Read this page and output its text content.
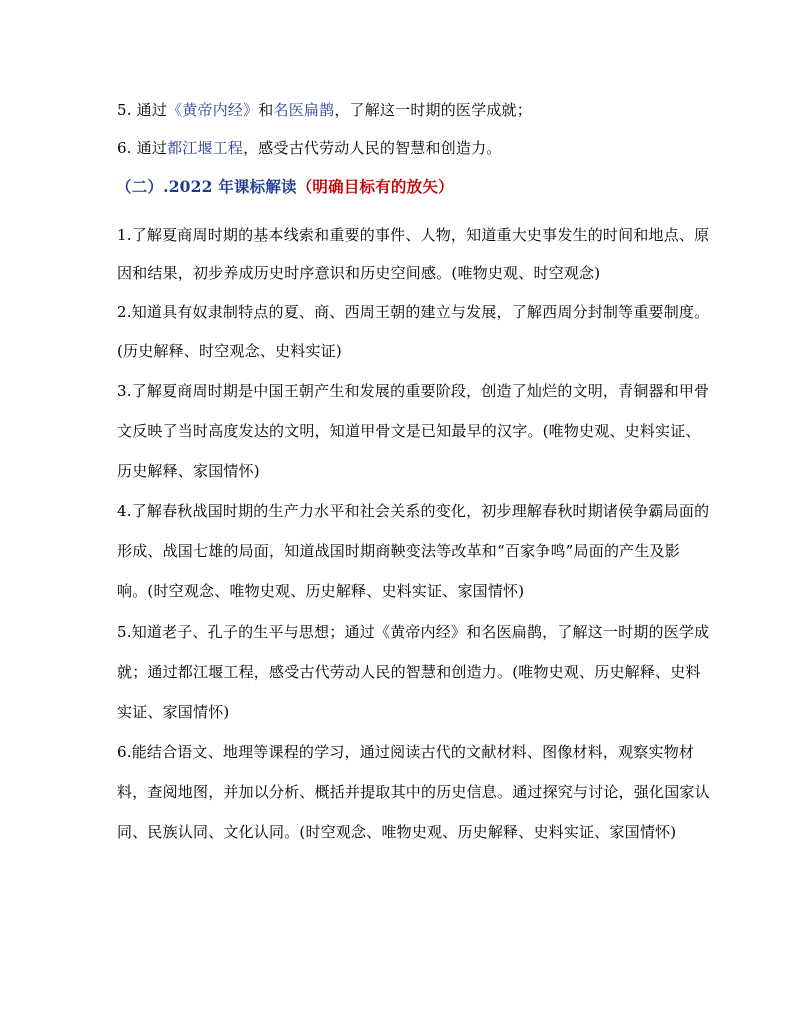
5. 通过《黄帝内经》和名医扁鹊，了解这一时期的医学成就；
6. 通过都江堰工程，感受古代劳动人民的智慧和创造力。
（二）.2022 年课标解读（明确目标有的放矢）
1.了解夏商周时期的基本线索和重要的事件、人物，知道重大史事发生的时间和地点、原
因和结果，初步养成历史时序意识和历史空间感。(唯物史观、时空观念)
2.知道具有奴隶制特点的夏、商、西周王朝的建立与发展，了解西周分封制等重要制度。
(历史解释、时空观念、史料实证)
3.了解夏商周时期是中国王朝产生和发展的重要阶段，创造了灿烂的文明，青铜器和甲骨
文反映了当时高度发达的文明，知道甲骨文是已知最早的汉字。(唯物史观、史料实证、
历史解释、家国情怀)
4.了解春秋战国时期的生产力水平和社会关系的变化，初步理解春秋时期诸侯争霸局面的
形成、战国七雄的局面，知道战国时期商鞅变法等改革和“百家争鸣”局面的产生及影
响。(时空观念、唯物史观、历史解释、史料实证、家国情怀)
5.知道老子、孔子的生平与思想；通过《黄帝内经》和名医扁鹊，了解这一时期的医学成
就；通过都江堰工程，感受古代劳动人民的智慧和创造力。(唯物史观、历史解释、史料
实证、家国情怀)
6.能结合语文、地理等课程的学习，通过阅读古代的文献材料、图像材料，观察实物材
料，查阅地图，并加以分析、概括并提取其中的历史信息。通过探究与讨论，强化国家认
同、民族认同、文化认同。(时空观念、唯物史观、历史解释、史料实证、家国情怀)
